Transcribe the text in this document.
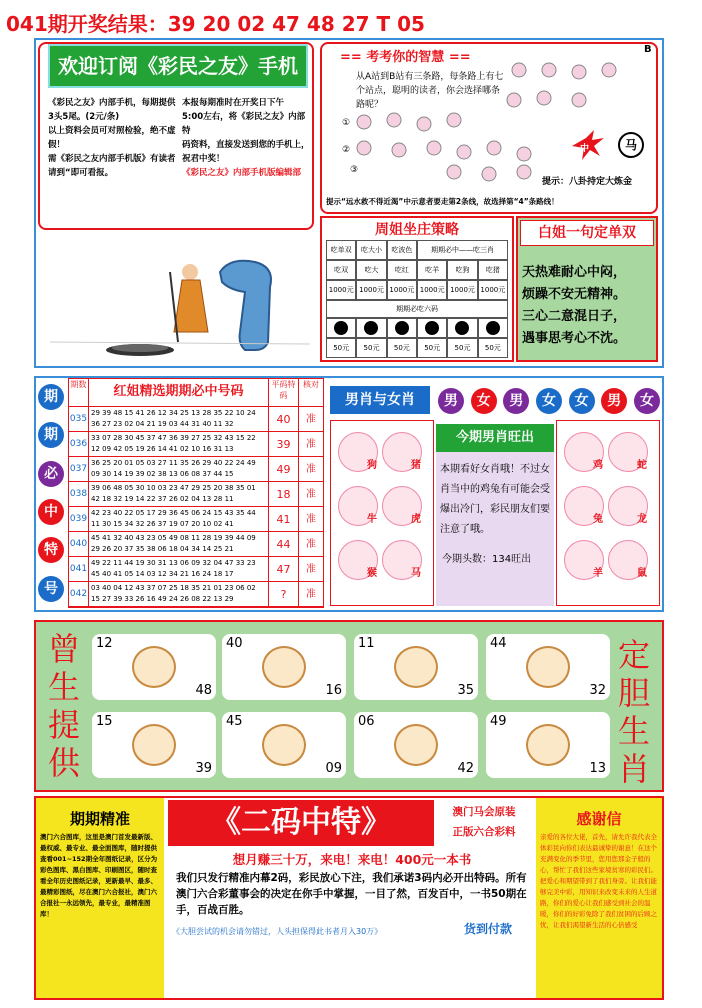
041期开奖结果：39 20 02 47 48 27 T 05
欢迎订阅《彩民之友》手机报
《彩民之友》内部手机，每期提供
3头5尾。(2元/条)
以上资料会员可对照检验，绝不虚
假！
需《彩民之友内部手机版》有读者
请到“即可看报。
本报每期准时在开奖日下午
5:00左右，将《彩民之友》内部特
码资料，直接发送到您的手机上，
祝君中奖！
《彩民之友》内部手机版编辑部
== 考考你的智慧 ==
B
从A站到B站有三条路，每条路上有七个站点，聪明的读者，你会选择哪条路呢？
①
②
③
中	马
提示：八卦持定大炼金
提示“远水救不得近渴”中示意者要走第2条线，故选择第“4”条路线！
周姐坐庄策略
吃单双	吃大小	吃波色	期期必中——吃三肖
吃双	吃大	吃红	吃羊	吃狗	吃猪
1000元 1000元 1000元 1000元 1000元 1000元
期期必吃六码
50元	50元	50元	50元	50元	50元
白姐一句定单双
天热难耐心中闷，
烦躁不安无精神。
三心二意混日子，
遇事思考心不沈。
期
期
必
中
特
号
期数	红姐精选期期必中号码	平码特码
核对
035
29 39 48 15 41 26 12 34 25 13 28 35 22 10 24 36 27 23 02 04 21 19 03 44 31 40 11 32	40	准
036
33 07 28 30 45 37 47 36 39 27 25 32 43 15 22 12 09 42 05 19 26 14 41 02 10 16 31 13	39	准
037
36 25 20 01 05 03 27 11 35 26 29 40 22 24 49 09 30 14 19 39 02 38 13 06 08 37 44 15	49	准
038
39 06 48 05 30 10 03 23 47 29 25 20 38 35 01 42 18 32 19 14 22 37 26 02 04 13 28 11	18	准
039
42 23 40 22 05 17 29 36 45 06 24 15 43 35 44 11 30 15 34 32 26 37 19 07 20 10 02 41	41	准
040
45 41 32 40 43 23 05 49 08 11 28 19 39 44 09 29 26 20 37 35 38 06 18 04 34 14 25 21	44	准
041
49 22 11 44 19 30 31 13 06 09 32 04 47 33 23 45 40 41 05 14 03 12 34 21 16 24 18 17	47	准
042
03 40 04 12 43 37 07 25 18 35 21 01 23 06 02 15 27 39 33 26 16 49 24 26 08 22 13 29	?	准
男肖与女肖	男	女	男	女	女	男	女
狗	猪
牛	虎
猴	马
鸡	蛇
兔	龙
羊	鼠
今期男肖旺出
本期看好女肖哦！不过女肖当中的鸡兔有可能会受爆出冷门，彩民朋友们要注意了哦。
今期头数：134旺出
曾生提供
定胆生肖
12
48
40
16
11
35
44
32
15
39
45
09
06
42
49
13
期期精准
澳门六合图库，这里是澳门首发最新版、最权威、最专业、最全面图库，随时提供查看001~152期全年图纸记录，区分为彩色图库、黑白图库、印刷图区，随时查看全年历史图纸记录，更新最早、最多、最精彩图纸，尽在澳门六合报社，澳门六合报社一永远领先，最专业，最精准图库！
《二码中特》	澳门马会原装
正版六合彩料
想月赚三十万，来电！来电！400元一本书
我们只发行精准内幕2码，彩民放心下注，我们承诺3码内必开出特码。所有澳门六合彩董事会的决定在你手中掌握，一目了然，百发百中，一书50期在手，百战百胜。
《大胆尝试的机会请勿错过，人头担保得此书者月入30万》	货到付款
感谢信
亲爱的各位大佬，首先，请允许我代表全体彩民向你们表达最诚挚的谢意！在这个充满变化的季节里，您用您那金子般的心，帮忙了我们这些家境贫寒的彩民们。把爱心和期望带到了我们身旁。让我们能够完美中彩，用知识来改变未来的人生道路，你们的爱心让我们感受到社会的温暖，你们的好彩免除了我们贫困的后顾之忧，让我们渴望新生活的心倍感受
